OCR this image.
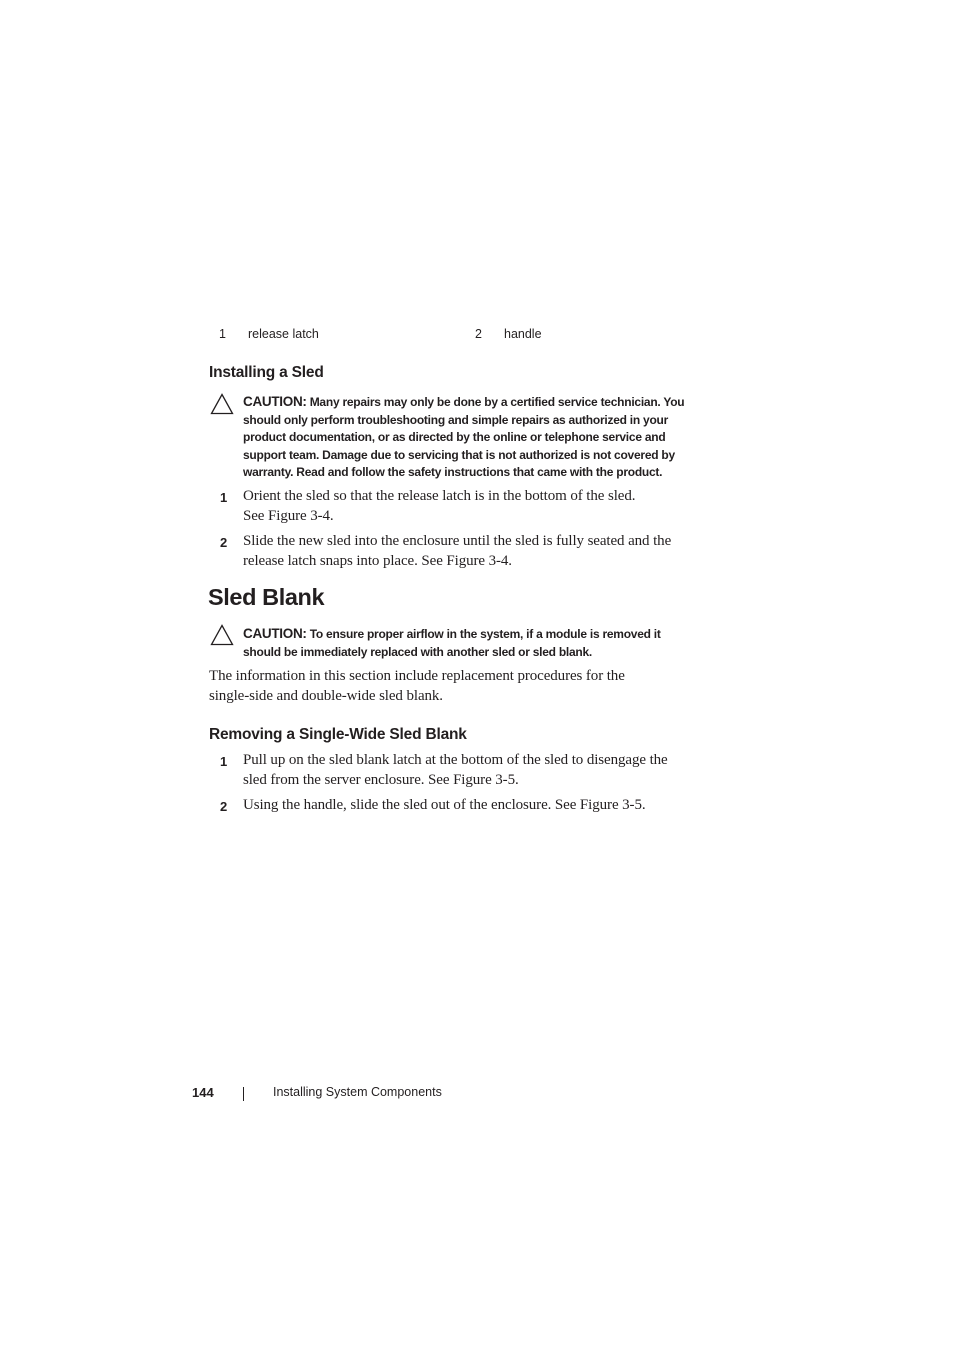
1 release latch	2 handle
Installing a Sled
CAUTION: Many repairs may only be done by a certified service technician. You
should only perform troubleshooting and simple repairs as authorized in your
product documentation, or as directed by the online or telephone service and
support team. Damage due to servicing that is not authorized is not covered by
warranty. Read and follow the safety instructions that came with the product.
1 Orient the sled so that the release latch is in the bottom of the sled.
See Figure 3-4.
2 Slide the new sled into the enclosure until the sled is fully seated and the
release latch snaps into place. See Figure 3-4.
Sled Blank
CAUTION: To ensure proper airflow in the system, if a module is removed it
should be immediately replaced with another sled or sled blank.
The information in this section include replacement procedures for the
single-side and double-wide sled blank.
Removing a Single-Wide Sled Blank
1 Pull up on the sled blank latch at the bottom of the sled to disengage the
sled from the server enclosure. See Figure 3-5.
2 Using the handle, slide the sled out of the enclosure. See Figure 3-5.
144	Installing System Components
